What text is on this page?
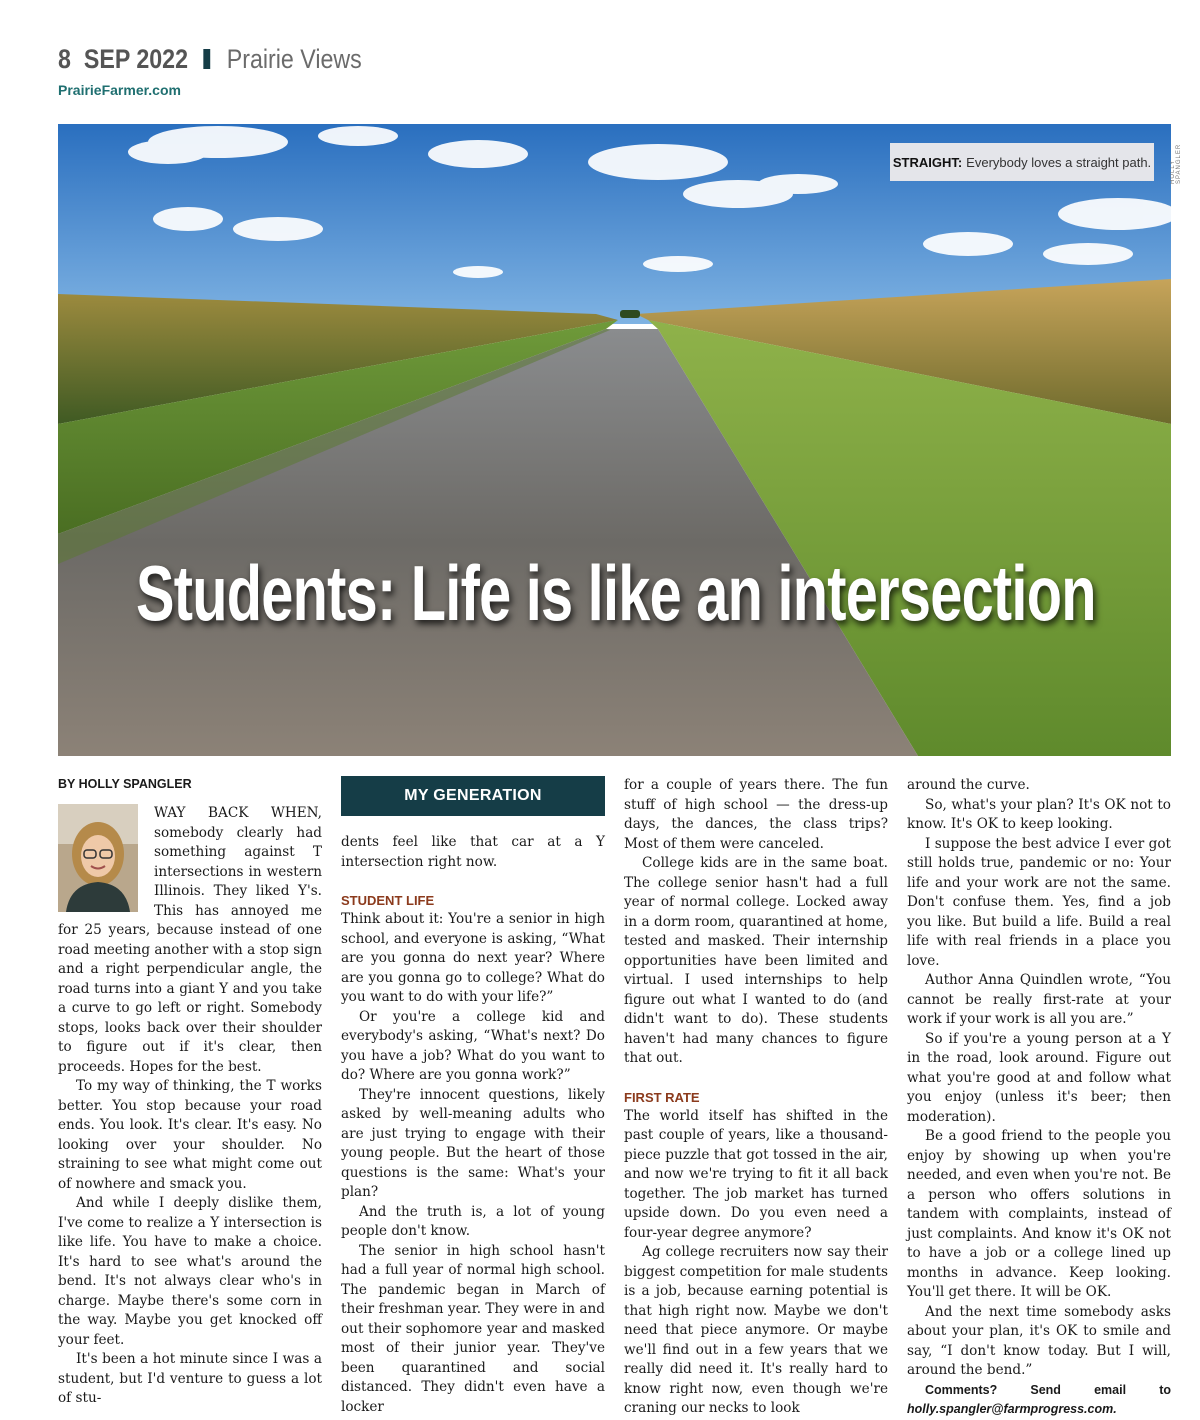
8 SEP 2022 Prairie Views
PrairieFarmer.com
HOLLY SPANGLER
STRAIGHT: Everybody loves a straight path.
Students: Life is like an intersection
BY HOLLY SPANGLER

WAY BACK WHEN, somebody clearly had something against T intersections in western Illinois. They liked Y's. This has annoyed me for 25 years, because instead of one road meeting another with a stop sign and a right perpendicular angle, the road turns into a giant Y and you take a curve to go left or right. Somebody stops, looks back over their shoulder to figure out if it's clear, then proceeds. Hopes for the best.

To my way of thinking, the T works better. You stop because your road ends. You look. It's clear. It's easy. No looking over your shoulder. No straining to see what might come out of nowhere and smack you.

And while I deeply dislike them, I've come to realize a Y intersection is like life. You have to make a choice. It's hard to see what's around the bend. It's not always clear who's in charge. Maybe there's some corn in the way. Maybe you get knocked off your feet.

It's been a hot minute since I was a student, but I'd venture to guess a lot of stu-

MY GENERATION

dents feel like that car at a Y intersection right now.

STUDENT LIFE

Think about it: You're a senior in high school, and everyone is asking, “What are you gonna do next year? Where are you gonna go to college? What do you want to do with your life?”

Or you're a college kid and everybody's asking, “What's next? Do you have a job? What do you want to do? Where are you gonna work?”

They're innocent questions, likely asked by well-meaning adults who are just trying to engage with their young people. But the heart of those questions is the same: What's your plan?

And the truth is, a lot of young people don't know.

The senior in high school hasn't had a full year of normal high school. The pandemic began in March of their freshman year. They were in and out their sophomore year and masked most of their junior year. They've been quarantined and social distanced. They didn't even have a locker

for a couple of years there. The fun stuff of high school — the dress-up days, the dances, the class trips? Most of them were canceled.

College kids are in the same boat. The college senior hasn't had a full year of normal college. Locked away in a dorm room, quarantined at home, tested and masked. Their internship opportunities have been limited and virtual. I used internships to help figure out what I wanted to do (and didn't want to do). These students haven't had many chances to figure that out.

FIRST RATE

The world itself has shifted in the past couple of years, like a thousand-piece puzzle that got tossed in the air, and now we're trying to fit it all back together. The job market has turned upside down. Do you even need a four-year degree anymore?

Ag college recruiters now say their biggest competition for male students is a job, because earning potential is that high right now. Maybe we don't need that piece anymore. Or maybe we'll find out in a few years that we really did need it. It's really hard to know right now, even though we're craning our necks to look

around the curve.

So, what's your plan? It's OK not to know. It's OK to keep looking.

I suppose the best advice I ever got still holds true, pandemic or no: Your life and your work are not the same. Don't confuse them. Yes, find a job you like. But build a life. Build a real life with real friends in a place you love.

Author Anna Quindlen wrote, “You cannot be really first-rate at your work if your work is all you are.”

So if you're a young person at a Y in the road, look around. Figure out what you're good at and follow what you enjoy (unless it's beer; then moderation).

Be a good friend to the people you enjoy by showing up when you're needed, and even when you're not. Be a person who offers solutions in tandem with complaints, instead of just complaints. And know it's OK not to have a job or a college lined up months in advance. Keep looking. You'll get there. It will be OK.

And the next time somebody asks about your plan, it's OK to smile and say, “I don't know today. But I will, around the bend.”

Comments? Send email to holly.spangler@farmprogress.com.
